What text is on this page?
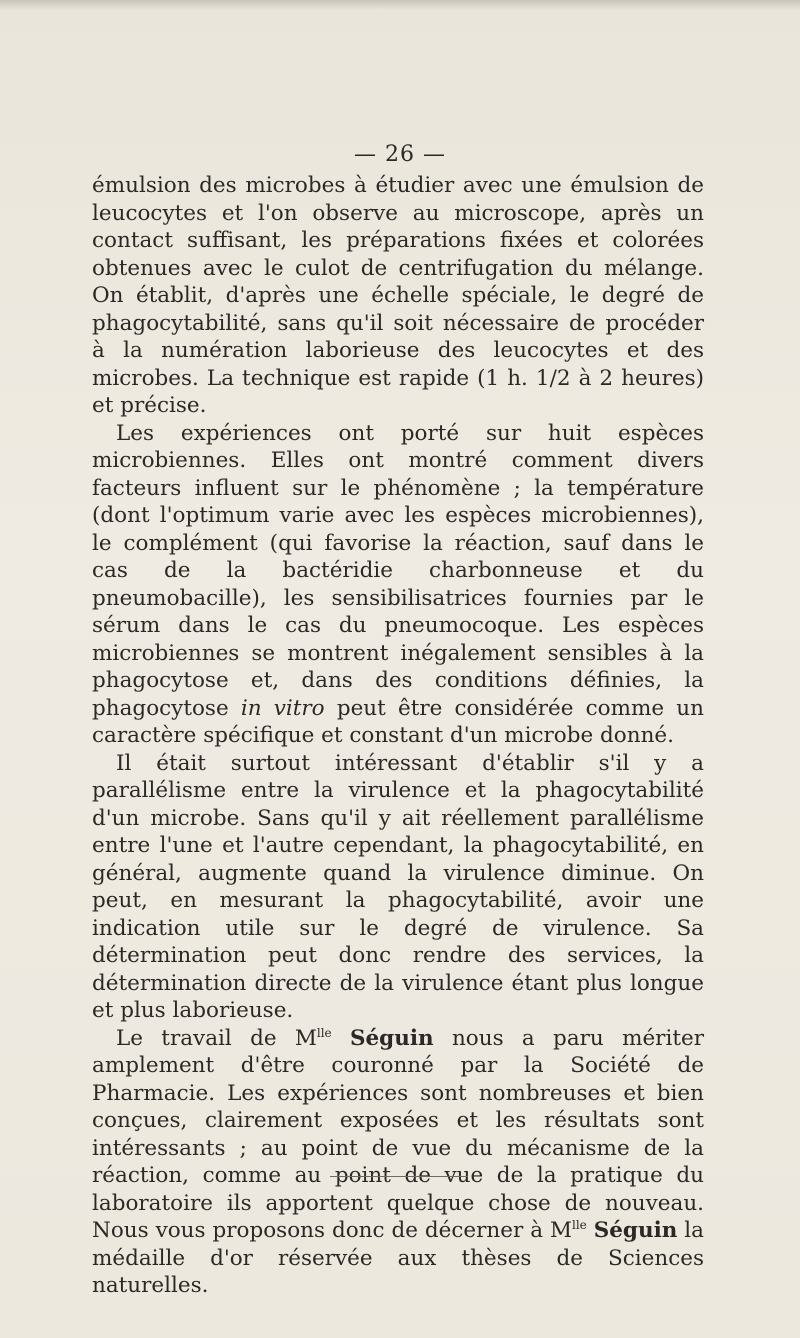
— 26 —

émulsion des microbes à étudier avec une émulsion de leucocytes et l'on observe au microscope, après un contact suffisant, les préparations fixées et colorées obtenues avec le culot de centrifugation du mélange. On établit, d'après une échelle spéciale, le degré de phagocytabilité, sans qu'il soit nécessaire de procéder à la numération laborieuse des leucocytes et des microbes. La technique est rapide (1 h. 1/2 à 2 heures) et précise.

Les expériences ont porté sur huit espèces microbiennes. Elles ont montré comment divers facteurs influent sur le phénomène ; la température (dont l'optimum varie avec les espèces microbiennes), le complément (qui favorise la réaction, sauf dans le cas de la bactéridie charbonneuse et du pneumobacille), les sensibilisatrices fournies par le sérum dans le cas du pneumocoque. Les espèces microbiennes se montrent inégalement sensibles à la phagocytose et, dans des conditions définies, la phagocytose in vitro peut être considérée comme un caractère spécifique et constant d'un microbe donné.

Il était surtout intéressant d'établir s'il y a parallélisme entre la virulence et la phagocytabilité d'un microbe. Sans qu'il y ait réellement parallélisme entre l'une et l'autre cependant, la phagocytabilité, en général, augmente quand la virulence diminue. On peut, en mesurant la phagocytabilité, avoir une indication utile sur le degré de virulence. Sa détermination peut donc rendre des services, la détermination directe de la virulence étant plus longue et plus laborieuse.

Le travail de $M^{lle}$ Séguin nous a paru mériter amplement d'être couronné par la Société de Pharmacie. Les expériences sont nombreuses et bien conçues, clairement exposées et les résultats sont intéressants ; au point de vue du mécanisme de la réaction, comme au point de vue de la pratique du laboratoire ils apportent quelque chose de nouveau. Nous vous proposons donc de décerner à $M^{lle}$ Séguin la médaille d'or réservée aux thèses de Sciences naturelles.
